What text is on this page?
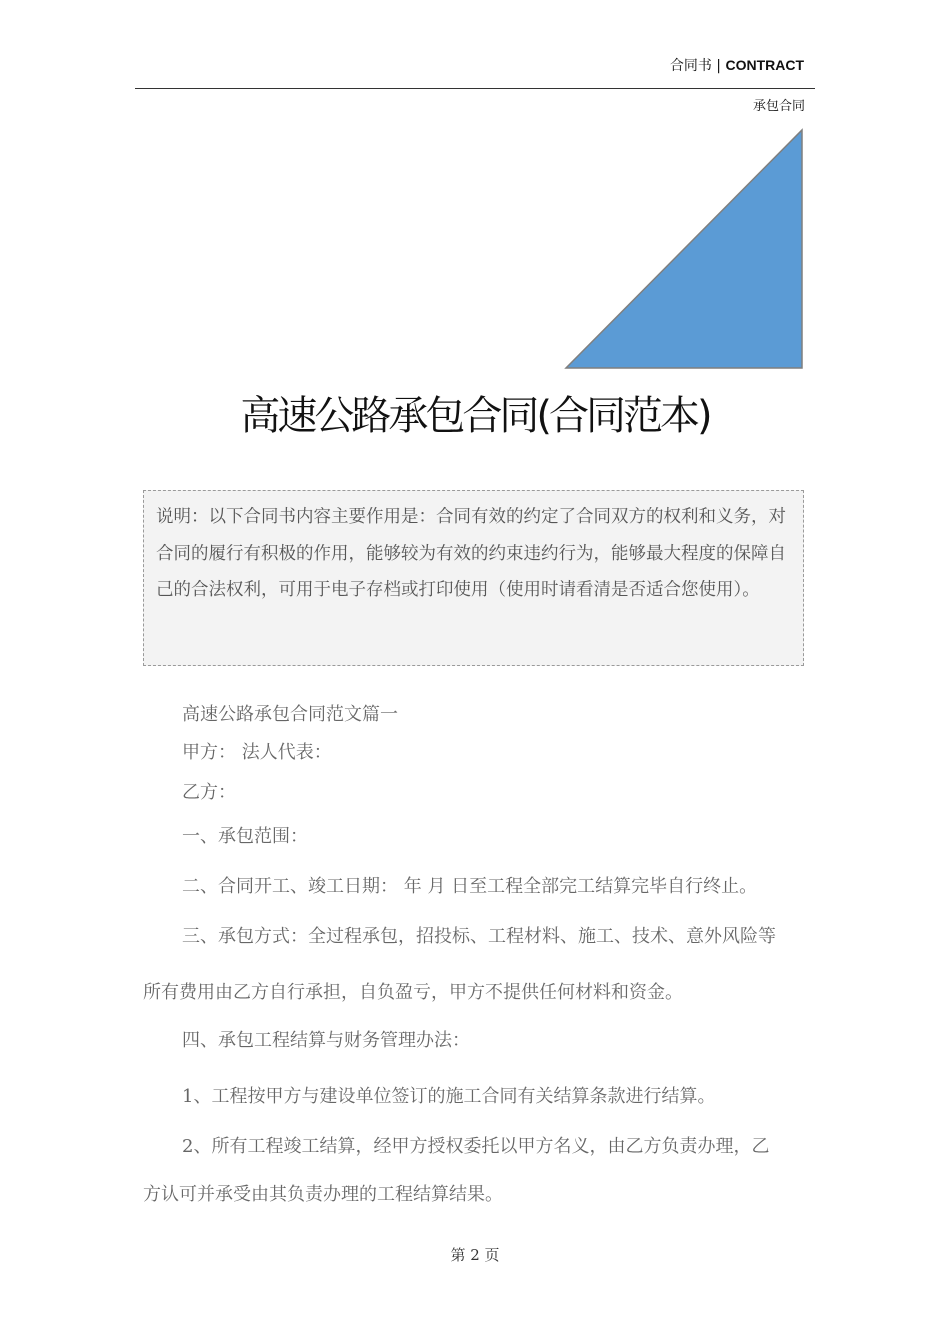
合同书 | CONTRACT
承包合同
高速公路承包合同(合同范本)
说明：以下合同书内容主要作用是：合同有效的约定了合同双方的权利和义务，对合同的履行有积极的作用，能够较为有效的约束违约行为，能够最大程度的保障自己的合法权利，可用于电子存档或打印使用（使用时请看清是否适合您使用）。
高速公路承包合同范文篇一
甲方： 法人代表：
乙方：
一、承包范围：
二、合同开工、竣工日期： 年 月 日至工程全部完工结算完毕自行终止。
三、承包方式：全过程承包，招投标、工程材料、施工、技术、意外风险等
所有费用由乙方自行承担，自负盈亏，甲方不提供任何材料和资金。
四、承包工程结算与财务管理办法：
1、工程按甲方与建设单位签订的施工合同有关结算条款进行结算。
2、所有工程竣工结算，经甲方授权委托以甲方名义，由乙方负责办理，乙
方认可并承受由其负责办理的工程结算结果。
第 2 页
